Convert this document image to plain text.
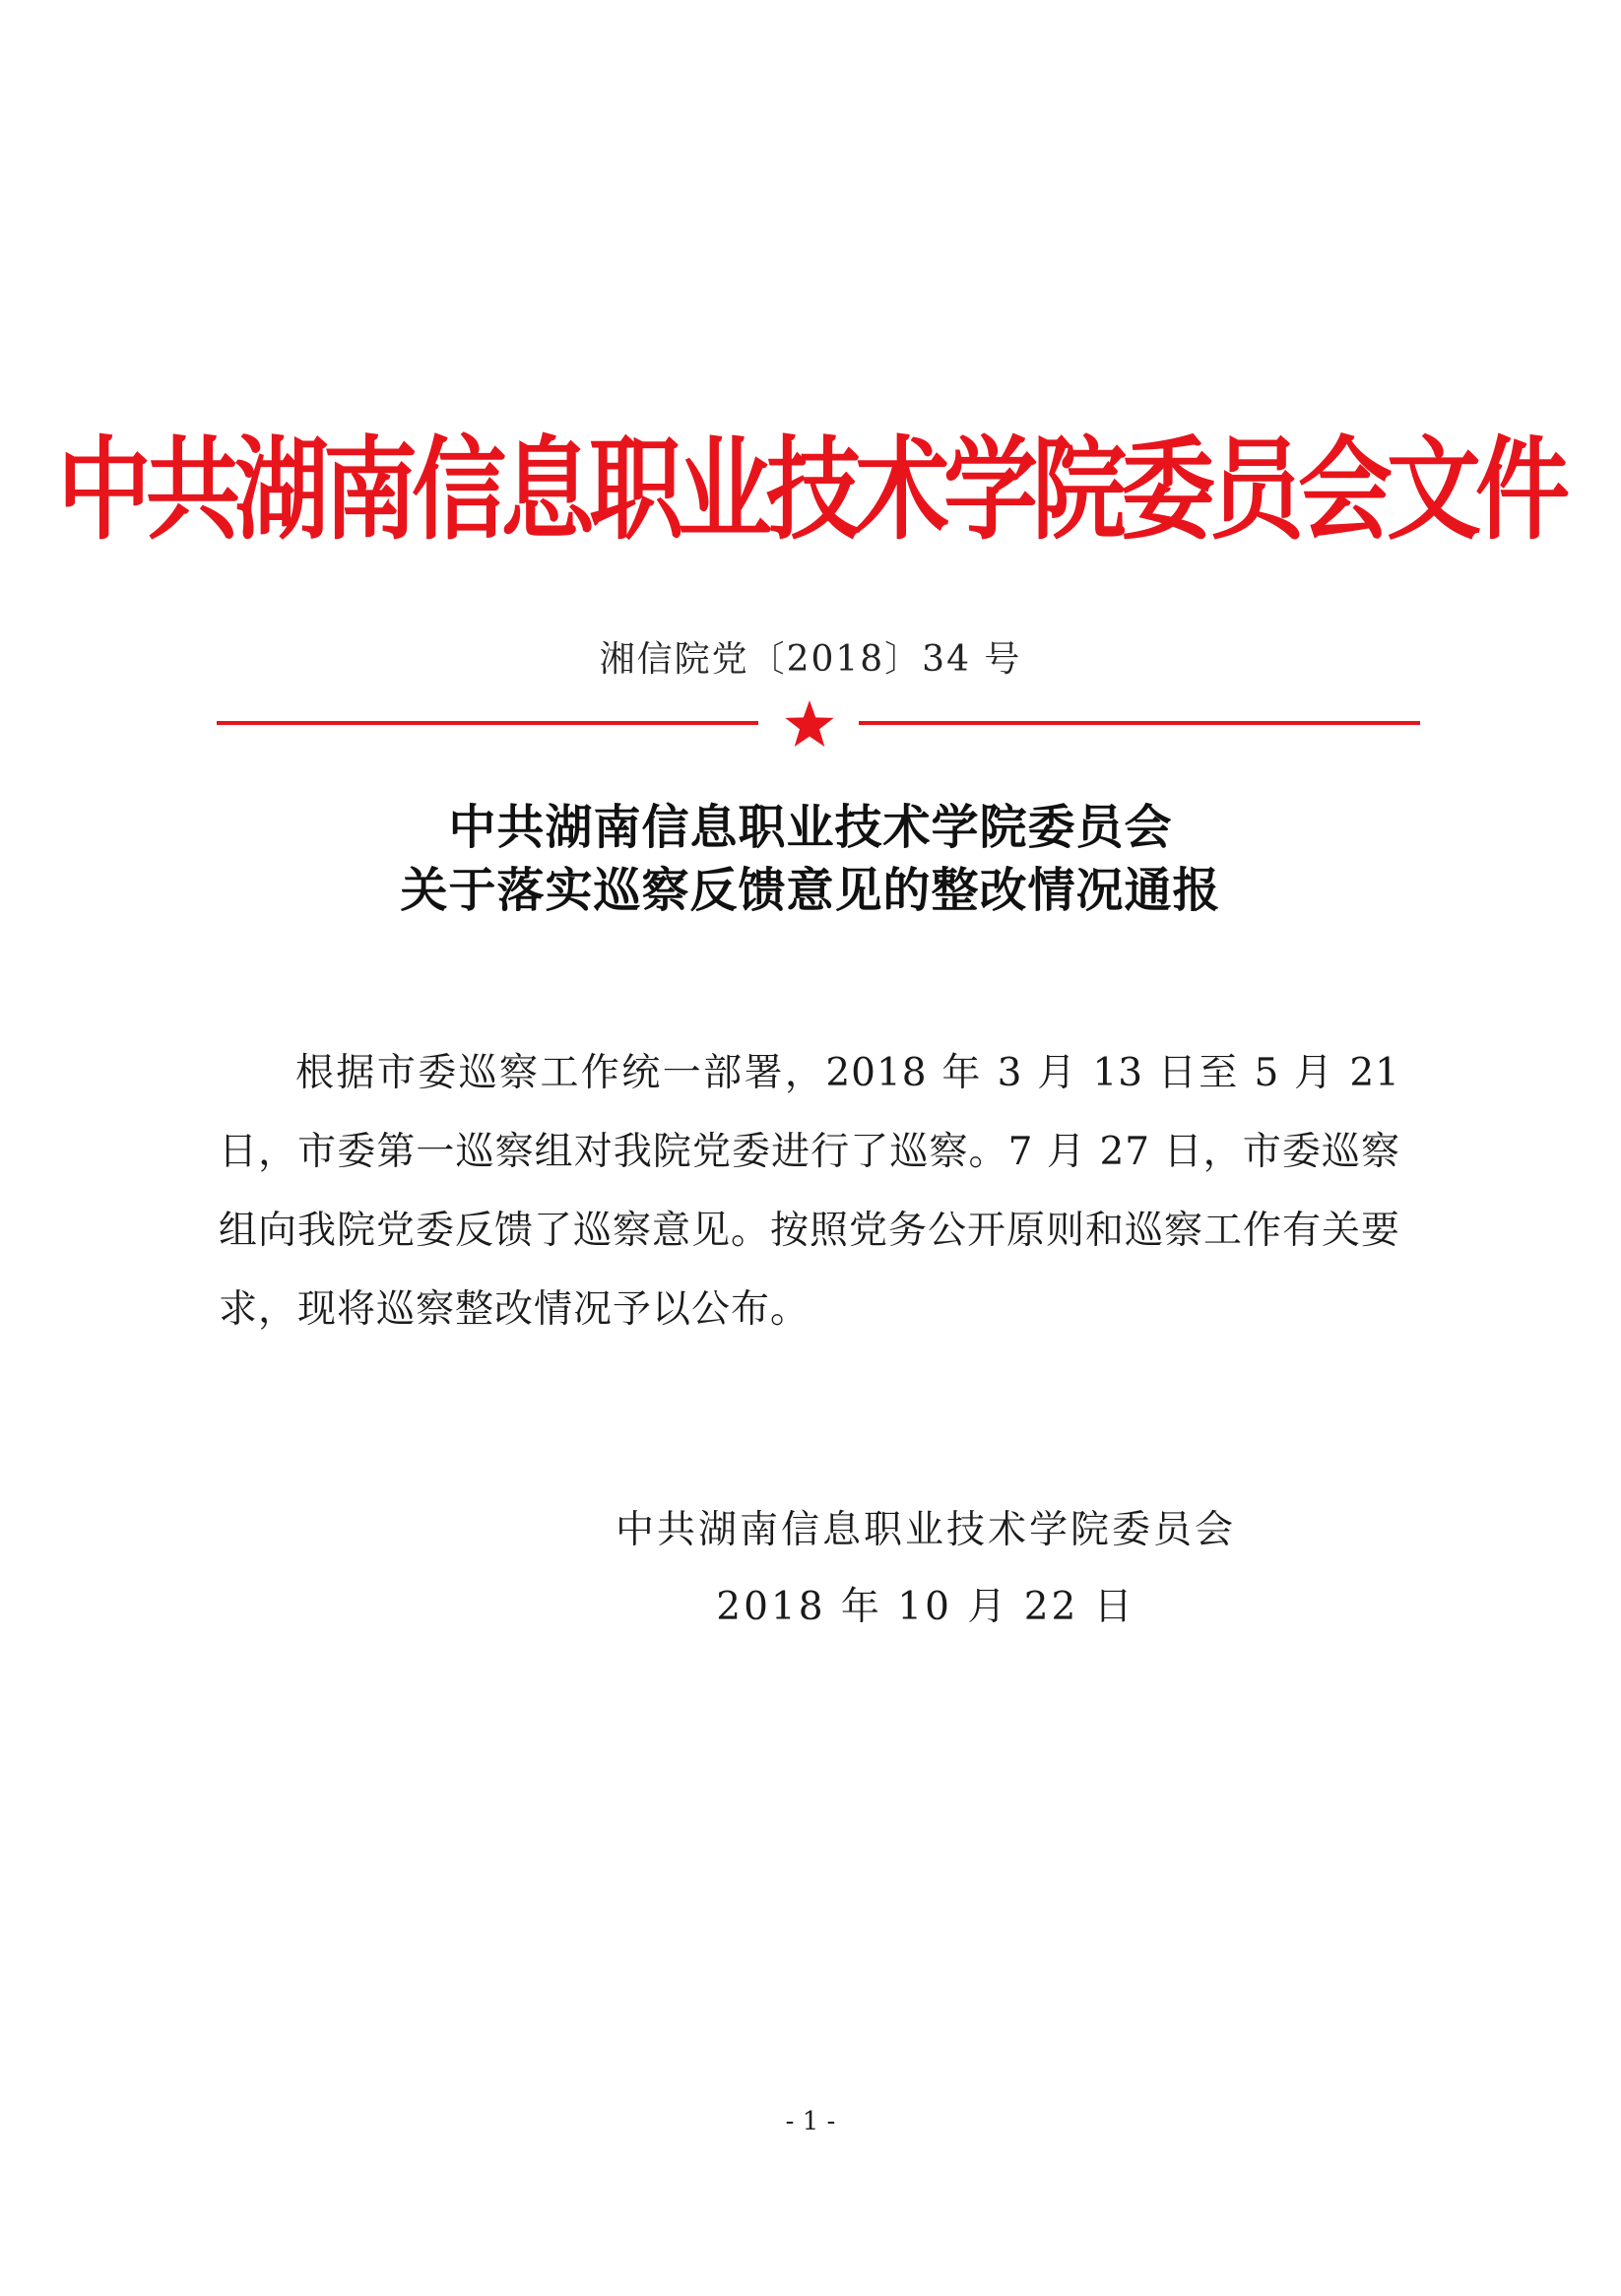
中共湖南信息职业技术学院委员会文件
湘信院党〔2018〕34 号
中共湖南信息职业技术学院委员会
关于落实巡察反馈意见的整改情况通报
根据市委巡察工作统一部署，2018 年 3 月 13 日至 5 月 21 日，市委第一巡察组对我院党委进行了巡察。7 月 27 日，市委巡察组向我院党委反馈了巡察意见。按照党务公开原则和巡察工作有关要求，现将巡察整改情况予以公布。
中共湖南信息职业技术学院委员会
2018 年 10 月 22 日
- 1 -
